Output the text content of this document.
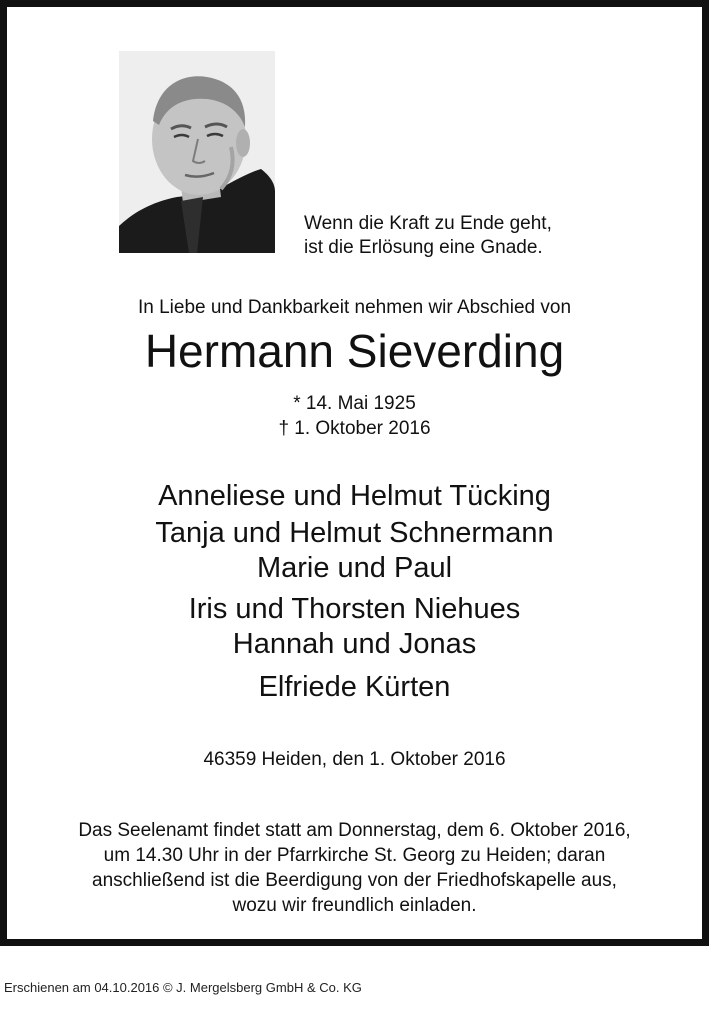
Wenn die Kraft zu Ende geht,
ist die Erlösung eine Gnade.
In Liebe und Dankbarkeit nehmen wir Abschied von
Hermann Sieverding
* 14. Mai 1925
† 1. Oktober 2016
Anneliese und Helmut Tücking
Tanja und Helmut Schnermann
Marie und Paul
Iris und Thorsten Niehues
Hannah und Jonas
Elfriede Kürten
46359 Heiden, den 1. Oktober 2016
Das Seelenamt findet statt am Donnerstag, dem 6. Oktober 2016,
um 14.30 Uhr in der Pfarrkirche St. Georg zu Heiden; daran
anschließend ist die Beerdigung von der Friedhofskapelle aus,
wozu wir freundlich einladen.
Erschienen am 04.10.2016 © J. Mergelsberg GmbH & Co. KG
